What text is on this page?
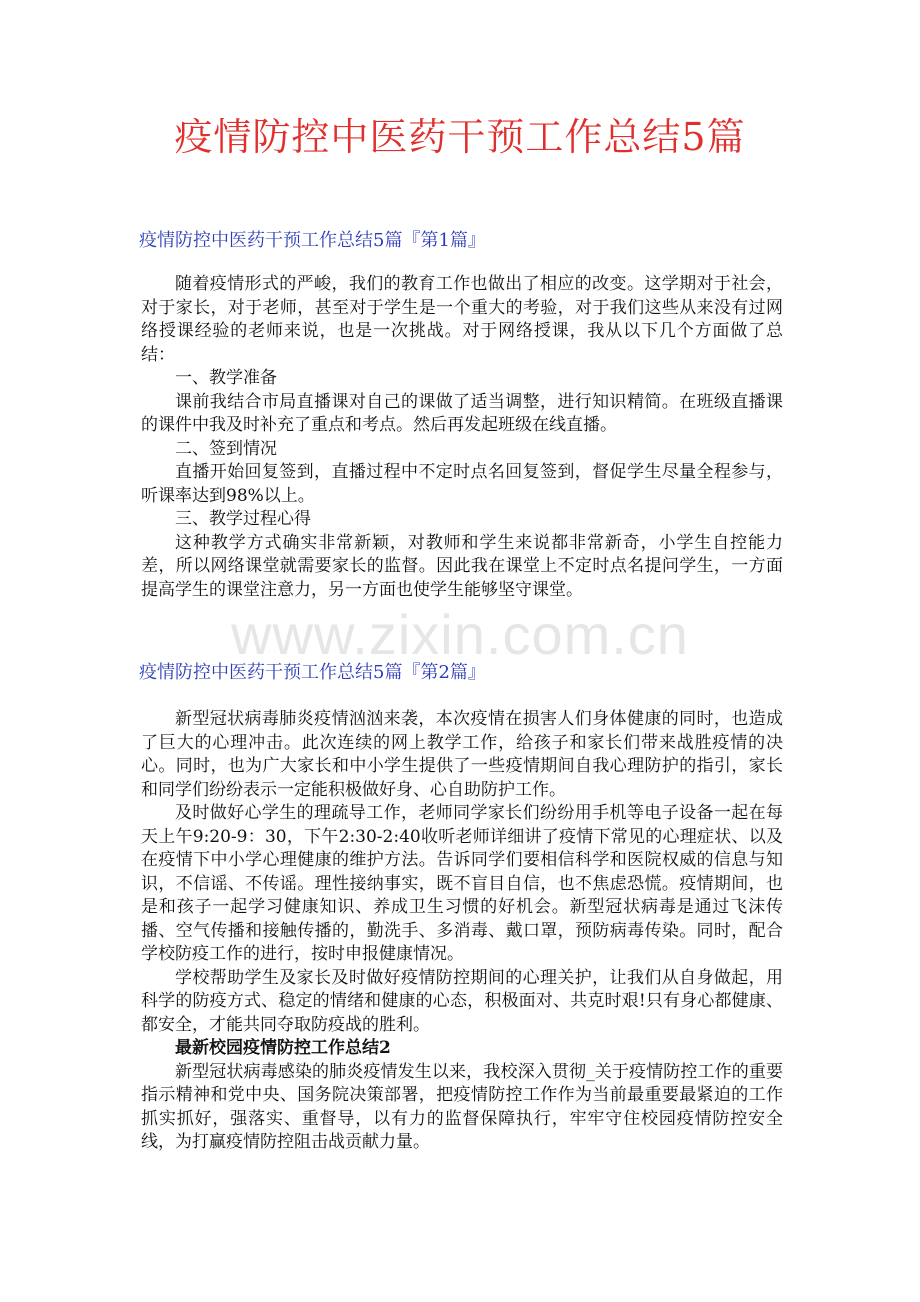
疫情防控中医药干预工作总结5篇
疫情防控中医药干预工作总结5篇『第1篇』

随着疫情形式的严峻，我们的教育工作也做出了相应的改变。这学期对于社会，对于家长，对于老师，甚至对于学生是一个重大的考验，对于我们这些从来没有过网络授课经验的老师来说，也是一次挑战。对于网络授课，我从以下几个方面做了总结：

一、教学准备

课前我结合市局直播课对自己的课做了适当调整，进行知识精简。在班级直播课的课件中我及时补充了重点和考点。然后再发起班级在线直播。

二、签到情况

直播开始回复签到，直播过程中不定时点名回复签到，督促学生尽量全程参与，听课率达到98%以上。

三、教学过程心得

这种教学方式确实非常新颖，对教师和学生来说都非常新奇，小学生自控能力差，所以网络课堂就需要家长的监督。因此我在课堂上不定时点名提问学生，一方面提高学生的课堂注意力，另一方面也使学生能够坚守课堂。

www.zixin.com.cn
疫情防控中医药干预工作总结5篇『第2篇』

新型冠状病毒肺炎疫情汹汹来袭，本次疫情在损害人们身体健康的同时，也造成了巨大的心理冲击。此次连续的网上教学工作，给孩子和家长们带来战胜疫情的决心。同时，也为广大家长和中小学生提供了一些疫情期间自我心理防护的指引，家长和同学们纷纷表示一定能积极做好身、心自助防护工作。

及时做好心学生的理疏导工作，老师同学家长们纷纷用手机等电子设备一起在每天上午9:20-9：30，下午2:30-2:40收听老师详细讲了疫情下常见的心理症状、以及在疫情下中小学心理健康的维护方法。告诉同学们要相信科学和医院权威的信息与知识，不信谣、不传谣。理性接纳事实，既不盲目自信，也不焦虑恐慌。疫情期间，也是和孩子一起学习健康知识、养成卫生习惯的好机会。新型冠状病毒是通过飞沫传播、空气传播和接触传播的，勤洗手、多消毒、戴口罩，预防病毒传染。同时，配合学校防疫工作的进行，按时申报健康情况。

学校帮助学生及家长及时做好疫情防控期间的心理关护，让我们从自身做起，用科学的防疫方式、稳定的情绪和健康的心态，积极面对、共克时艰!只有身心都健康、都安全，才能共同夺取防疫战的胜利。

最新校园疫情防控工作总结2

新型冠状病毒感染的肺炎疫情发生以来，我校深入贯彻_关于疫情防控工作的重要指示精神和党中央、国务院决策部署，把疫情防控工作作为当前最重要最紧迫的工作抓实抓好，强落实、重督导，以有力的监督保障执行，牢牢守住校园疫情防控安全线，为打赢疫情防控阻击战贡献力量。
